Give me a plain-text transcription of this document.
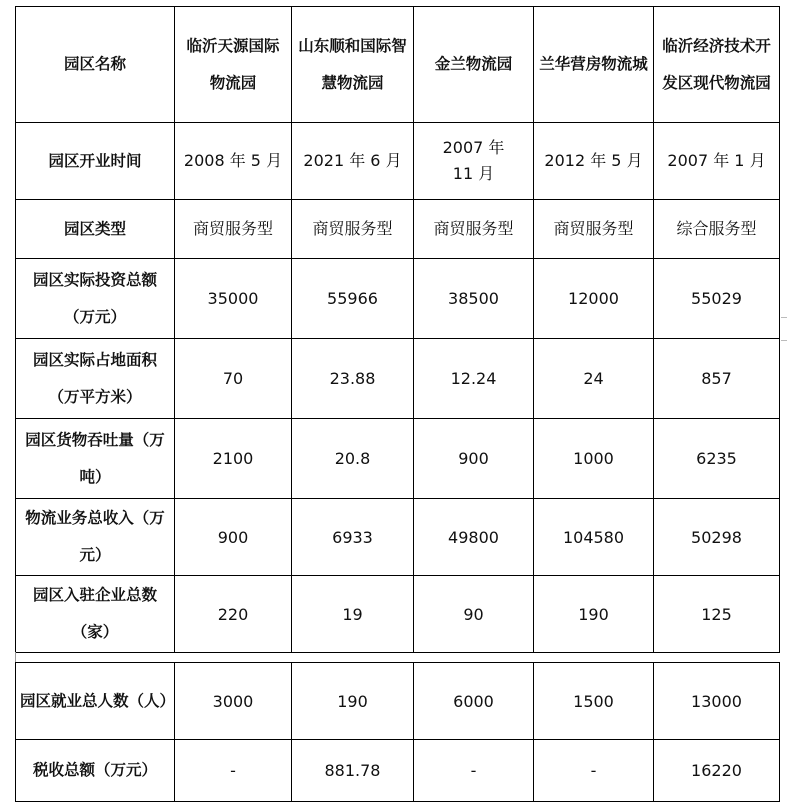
园区名称	临沂天源国际物流园	山东顺和国际智慧物流园	金兰物流园	兰华营房物流城	临沂经济技术开发区现代物流园
园区开业时间	2008 年 5 月	2021 年 6 月	2007 年 11 月	2012 年 5 月	2007 年 1 月
园区类型	商贸服务型	商贸服务型	商贸服务型	商贸服务型	综合服务型
园区实际投资总额（万元）	35000	55966	38500	12000	55029
园区实际占地面积（万平方米）	70	23.88	12.24	24	857
园区货物吞吐量（万吨）	2100	20.8	900	1000	6235
物流业务总收入（万元）	900	6933	49800	104580	50298
园区入驻企业总数（家）	220	19	90	190	125
园区就业总人数（人）	3000	190	6000	1500	13000
税收总额（万元）	-	881.78	-	-	16220
